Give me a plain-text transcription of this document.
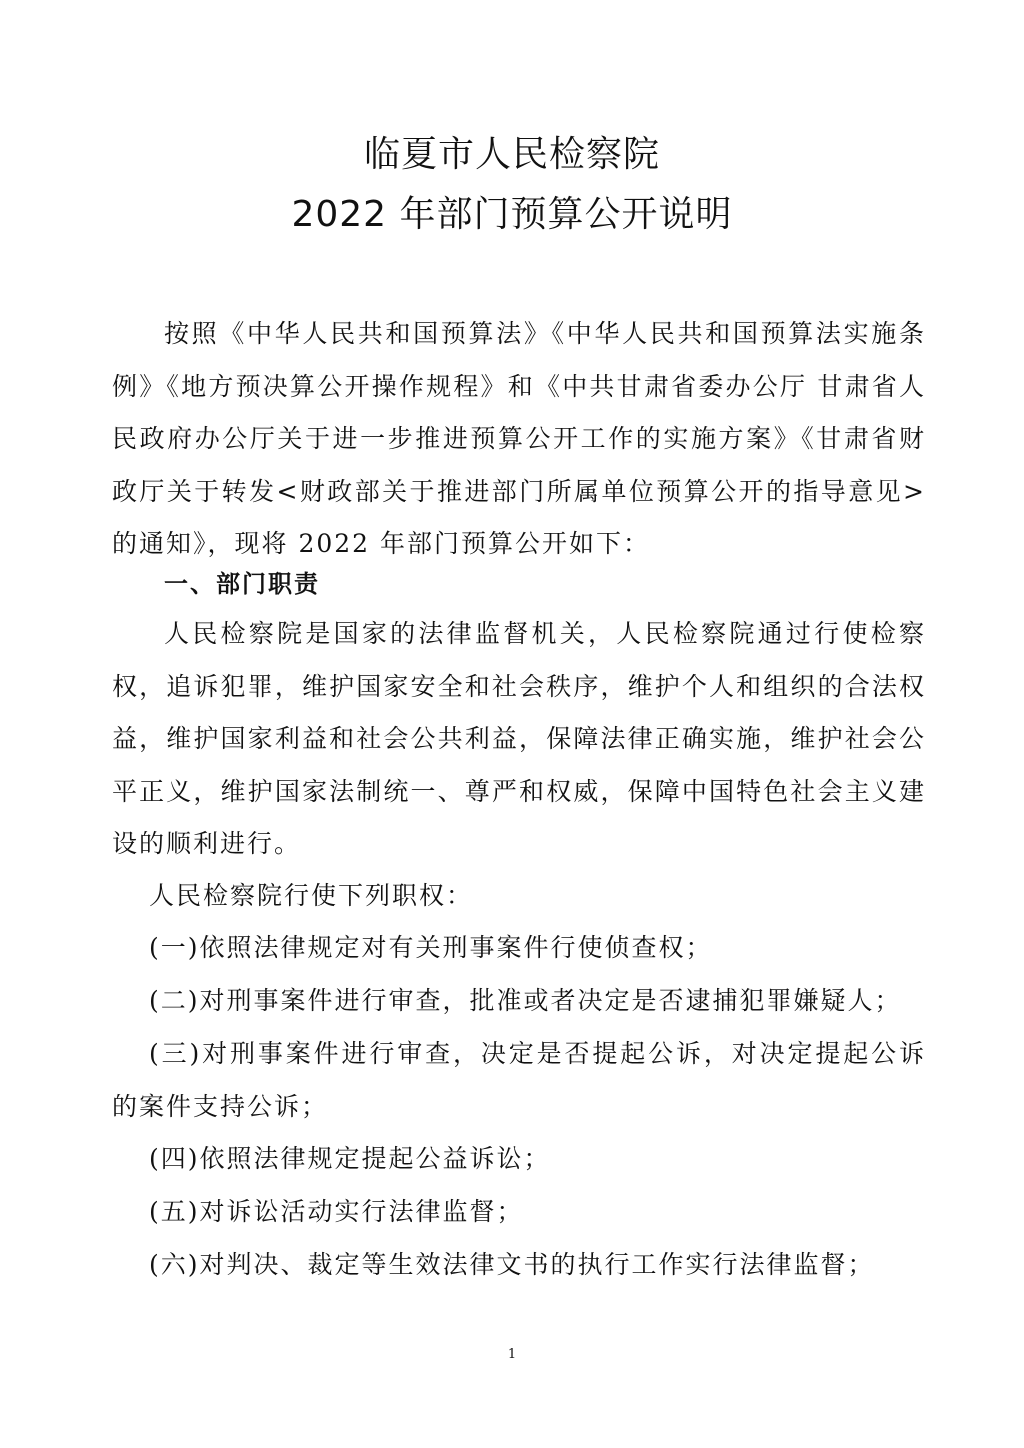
临夏市人民检察院
2022 年部门预算公开说明

按照《中华人民共和国预算法》《中华人民共和国预算法实施条例》《地方预决算公开操作规程》和《中共甘肃省委办公厅 甘肃省人民政府办公厅关于进一步推进预算公开工作的实施方案》《甘肃省财政厅关于转发<财政部关于推进部门所属单位预算公开的指导意见>的通知》，现将 2022 年部门预算公开如下：

一、部门职责

人民检察院是国家的法律监督机关，人民检察院通过行使检察权，追诉犯罪，维护国家安全和社会秩序，维护个人和组织的合法权益，维护国家利益和社会公共利益，保障法律正确实施，维护社会公平正义，维护国家法制统一、尊严和权威，保障中国特色社会主义建设的顺利进行。

人民检察院行使下列职权：

(一)依照法律规定对有关刑事案件行使侦查权；

(二)对刑事案件进行审查，批准或者决定是否逮捕犯罪嫌疑人；

(三)对刑事案件进行审查，决定是否提起公诉，对决定提起公诉的案件支持公诉；

(四)依照法律规定提起公益诉讼；

(五)对诉讼活动实行法律监督；

(六)对判决、裁定等生效法律文书的执行工作实行法律监督；

1
